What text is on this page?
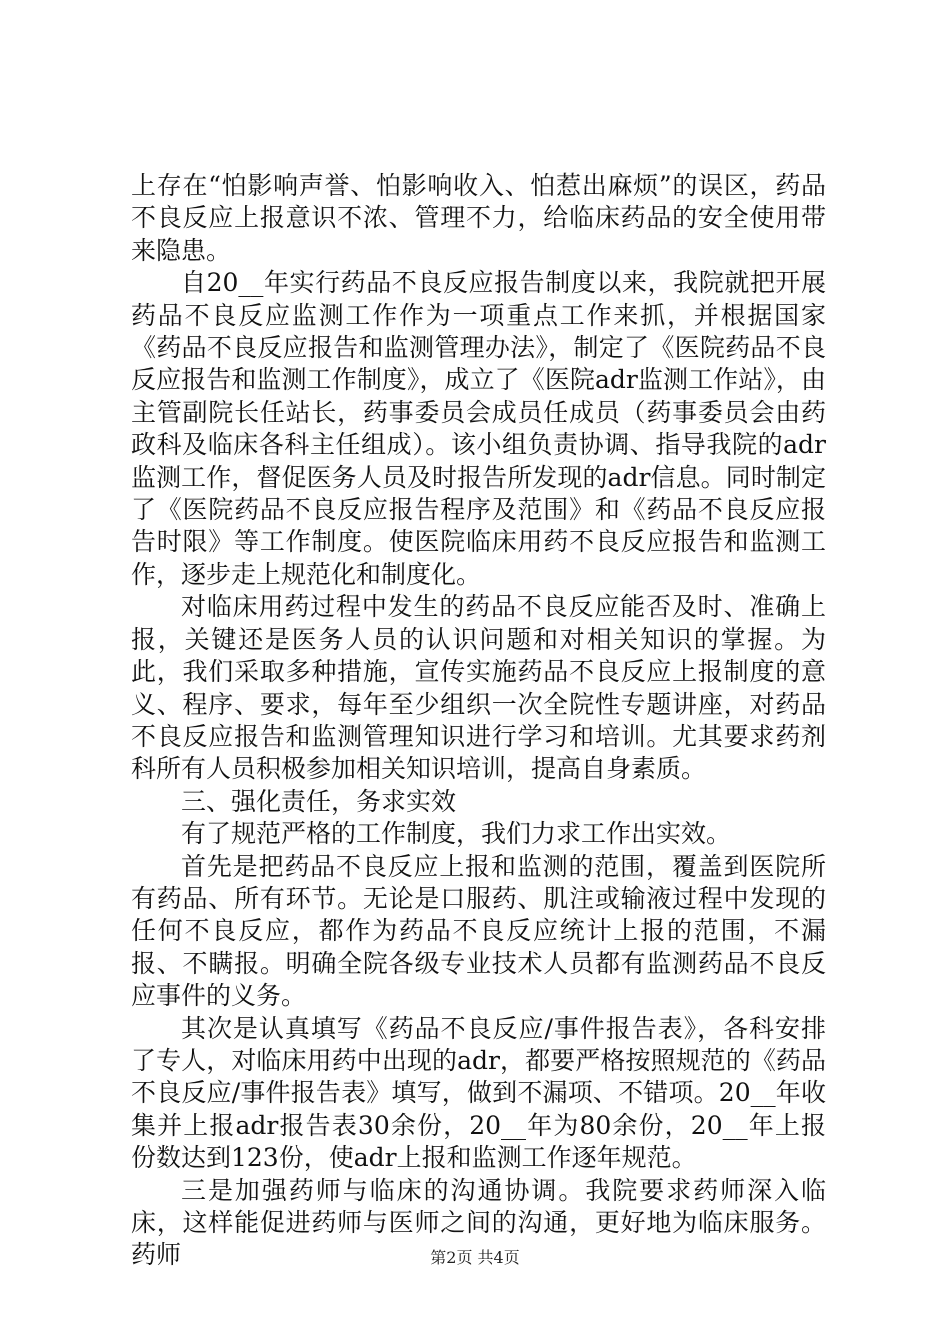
上存在“怕影响声誉、怕影响收入、怕惹出麻烦”的误区，药品不良反应上报意识不浓、管理不力，给临床药品的安全使用带来隐患。

自20__年实行药品不良反应报告制度以来，我院就把开展药品不良反应监测工作作为一项重点工作来抓，并根据国家《药品不良反应报告和监测管理办法》，制定了《医院药品不良反应报告和监测工作制度》，成立了《医院adr监测工作站》，由主管副院长任站长，药事委员会成员任成员（药事委员会由药政科及临床各科主任组成）。该小组负责协调、指导我院的adr监测工作，督促医务人员及时报告所发现的adr信息。同时制定了《医院药品不良反应报告程序及范围》和《药品不良反应报告时限》等工作制度。使医院临床用药不良反应报告和监测工作，逐步走上规范化和制度化。

对临床用药过程中发生的药品不良反应能否及时、准确上报，关键还是医务人员的认识问题和对相关知识的掌握。为此，我们采取多种措施，宣传实施药品不良反应上报制度的意义、程序、要求，每年至少组织一次全院性专题讲座，对药品不良反应报告和监测管理知识进行学习和培训。尤其要求药剂科所有人员积极参加相关知识培训，提高自身素质。

三、强化责任，务求实效

有了规范严格的工作制度，我们力求工作出实效。

首先是把药品不良反应上报和监测的范围，覆盖到医院所有药品、所有环节。无论是口服药、肌注或输液过程中发现的任何不良反应，都作为药品不良反应统计上报的范围，不漏报、不瞒报。明确全院各级专业技术人员都有监测药品不良反应事件的义务。

其次是认真填写《药品不良反应/事件报告表》，各科安排了专人，对临床用药中出现的adr，都要严格按照规范的《药品不良反应/事件报告表》填写，做到不漏项、不错项。20__年收集并上报adr报告表30余份，20__年为80余份，20__年上报份数达到123份，使adr上报和监测工作逐年规范。

三是加强药师与临床的沟通协调。我院要求药师深入临床，这样能促进药师与医师之间的沟通，更好地为临床服务。药师	第2页 共4页
